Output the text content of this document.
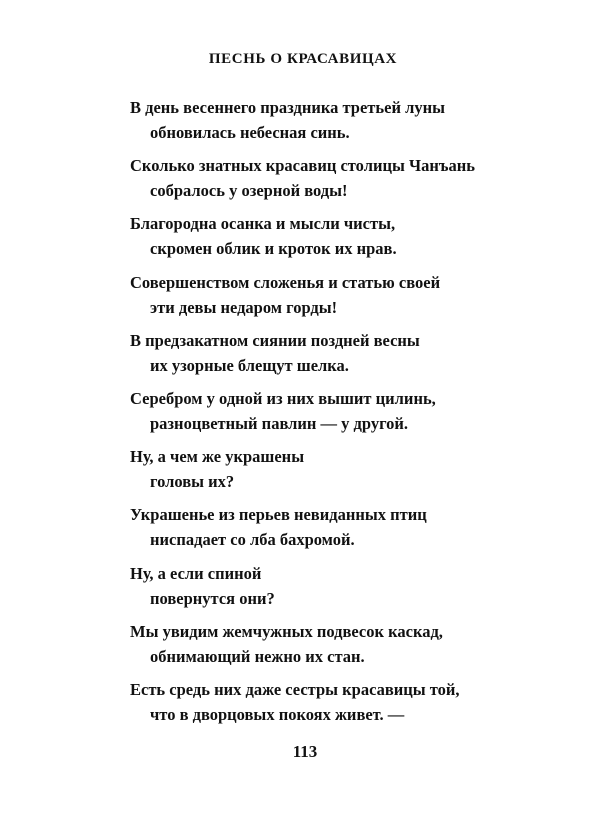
ПЕСНЬ О КРАСАВИЦАХ
В день весеннего праздника третьей луны
обновилась небесная синь.
Сколько знатных красавиц столицы Чанъань
собралось у озерной воды!
Благородна осанка и мысли чисты,
скромен облик и кроток их нрав.
Совершенством сложенья и статью своей
эти девы недаром горды!
В предзакатном сиянии поздней весны
их узорные блещут шелка.
Серебром у одной из них вышит цилинь,
разноцветный павлин — у другой.
Ну, а чем же украшены
головы их?
Украшенье из перьев невиданных птиц
ниспадает со лба бахромой.
Ну, а если спиной
повернутся они?
Мы увидим жемчужных подвесок каскад,
обнимающий нежно их стан.
Есть средь них даже сестры красавицы той,
что в дворцовых покоях живет. —
113
